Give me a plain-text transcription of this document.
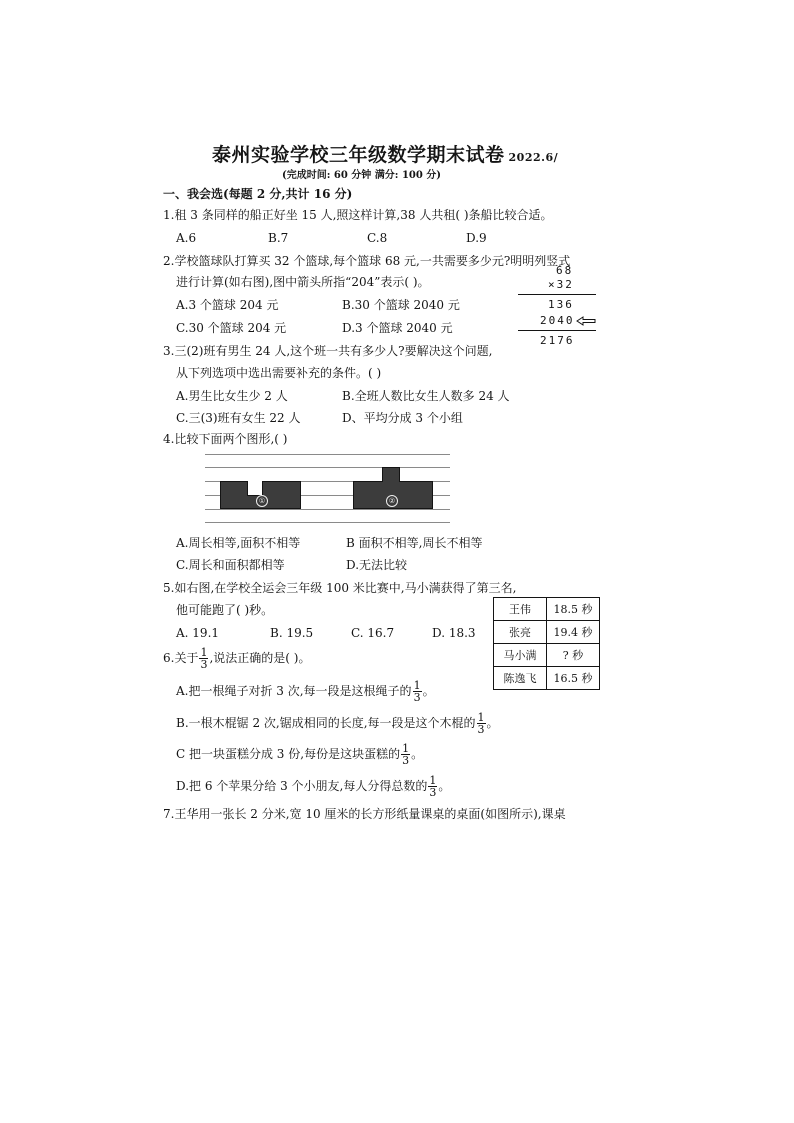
泰州实验学校三年级数学期末试卷 2022.6/
(完成时间: 60 分钟 满分: 100 分)
一、我会选(每题 2 分,共计 16 分)
1.租 3 条同样的船正好坐 15 人,照这样计算,38 人共租( )条船比较合适。
A.6	B.7	C.8	D.9
2.学校篮球队打算买 32 个篮球,每个篮球 68 元,一共需要多少元?明明列竖式
进行计算(如右图),图中箭头所指“204”表示( )。
A.3 个篮球 204 元	B.30 个篮球 2040 元
C.30 个篮球 204 元	D.3 个篮球 2040 元
68
×32
136
2040
2176
3.三(2)班有男生 24 人,这个班一共有多少人?要解决这个问题,
从下列选项中选出需要补充的条件。( )
A.男生比女生少 2 人	B.全班人数比女生人数多 24 人
C.三(3)班有女生 22 人	D、平均分成 3 个小组
4.比较下面两个图形,( )
①	②
A.周长相等,面积不相等	B 面积不相等,周长不相等
C.周长和面积都相等	D.无法比较
5.如右图,在学校全运会三年级 100 米比赛中,马小满获得了第三名,
他可能跑了( )秒。
A. 19.1	B. 19.5	C. 16.7	D. 18.3
王伟	18.5 秒
张亮	19.4 秒
马小满	? 秒
陈逸飞	16.5 秒
6.关于 $\frac{1}{3}$ ,说法正确的是( )。
A.把一根绳子对折 3 次,每一段是这根绳子的 $\frac{1}{3}$ 。
B.一根木棍锯 2 次,锯成相同的长度,每一段是这个木棍的 $\frac{1}{3}$ 。
C 把一块蛋糕分成 3 份,每份是这块蛋糕的 $\frac{1}{3}$ 。
D.把 6 个苹果分给 3 个小朋友,每人分得总数的 $\frac{1}{3}$ 。
7.王华用一张长 2 分米,宽 10 厘米的长方形纸量课桌的桌面(如图所示),课桌
